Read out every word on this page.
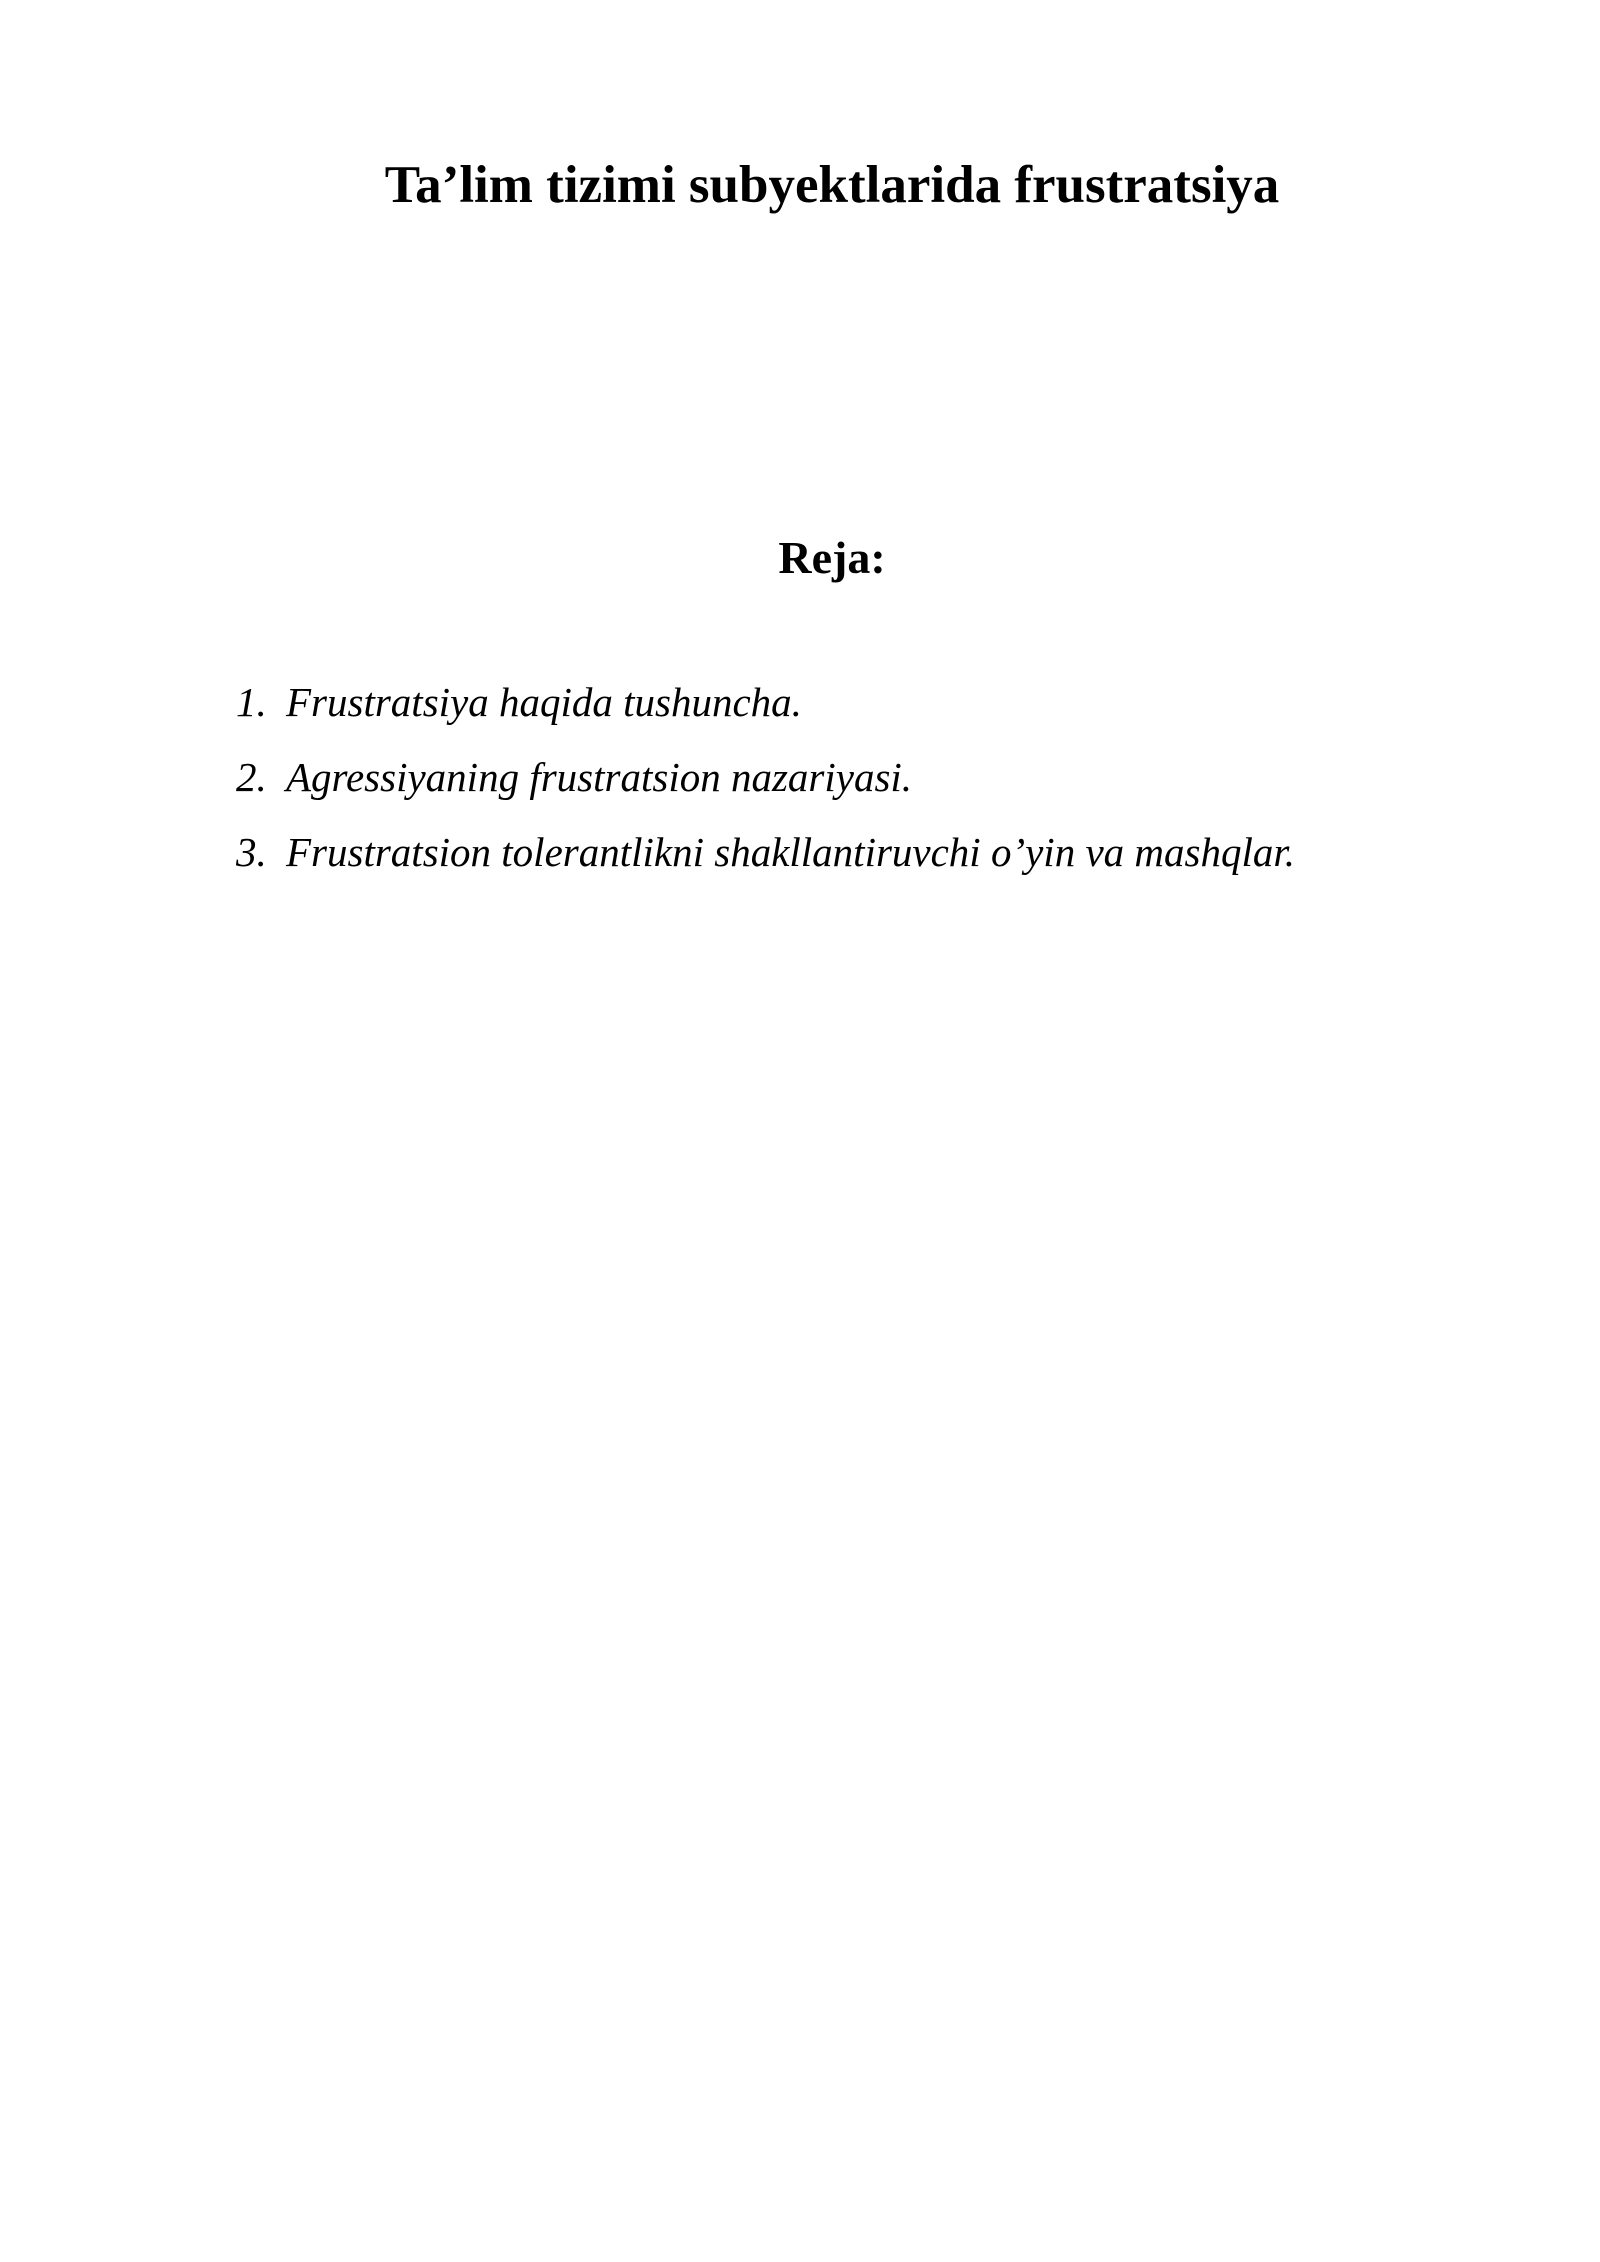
Ta’lim tizimi subyektlarida frustratsiya
Reja:
1. Frustratsiya haqida tushuncha.
2. Agressiyaning frustratsion nazariyasi.
3. Frustratsion tolerantlikni shakllantiruvchi o’yin va mashqlar.
